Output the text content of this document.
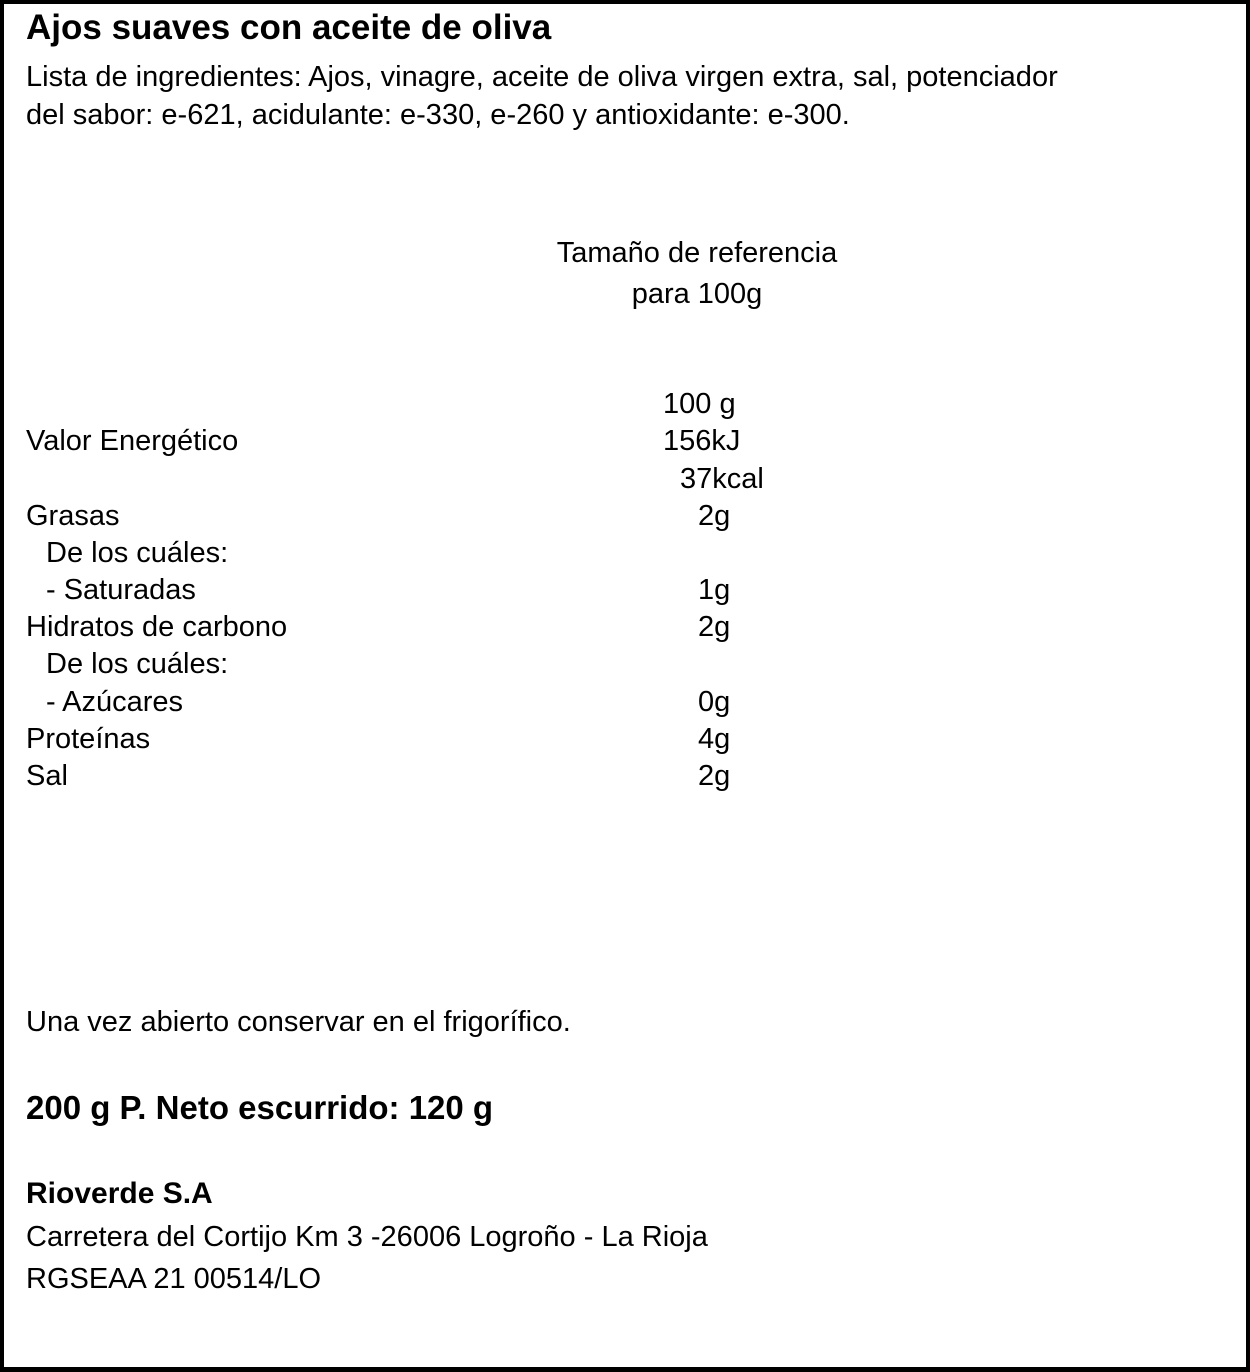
Ajos suaves con aceite de oliva
Lista de ingredientes: Ajos, vinagre, aceite de oliva virgen extra, sal, potenciador
del sabor: e-621, acidulante: e-330, e-260 y antioxidante: e-300.
Tamaño de referencia
para 100g
100 g
Valor Energético	156kJ
37kcal
Grasas	2g
De los cuáles:
- Saturadas	1g
Hidratos de carbono	2g
De los cuáles:
- Azúcares	0g
Proteínas	4g
Sal	2g
Una vez abierto conservar en el frigorífico.
200 g P. Neto escurrido: 120 g
Rioverde S.A
Carretera del Cortijo Km 3 -26006 Logroño - La Rioja
RGSEAA 21 00514/LO
